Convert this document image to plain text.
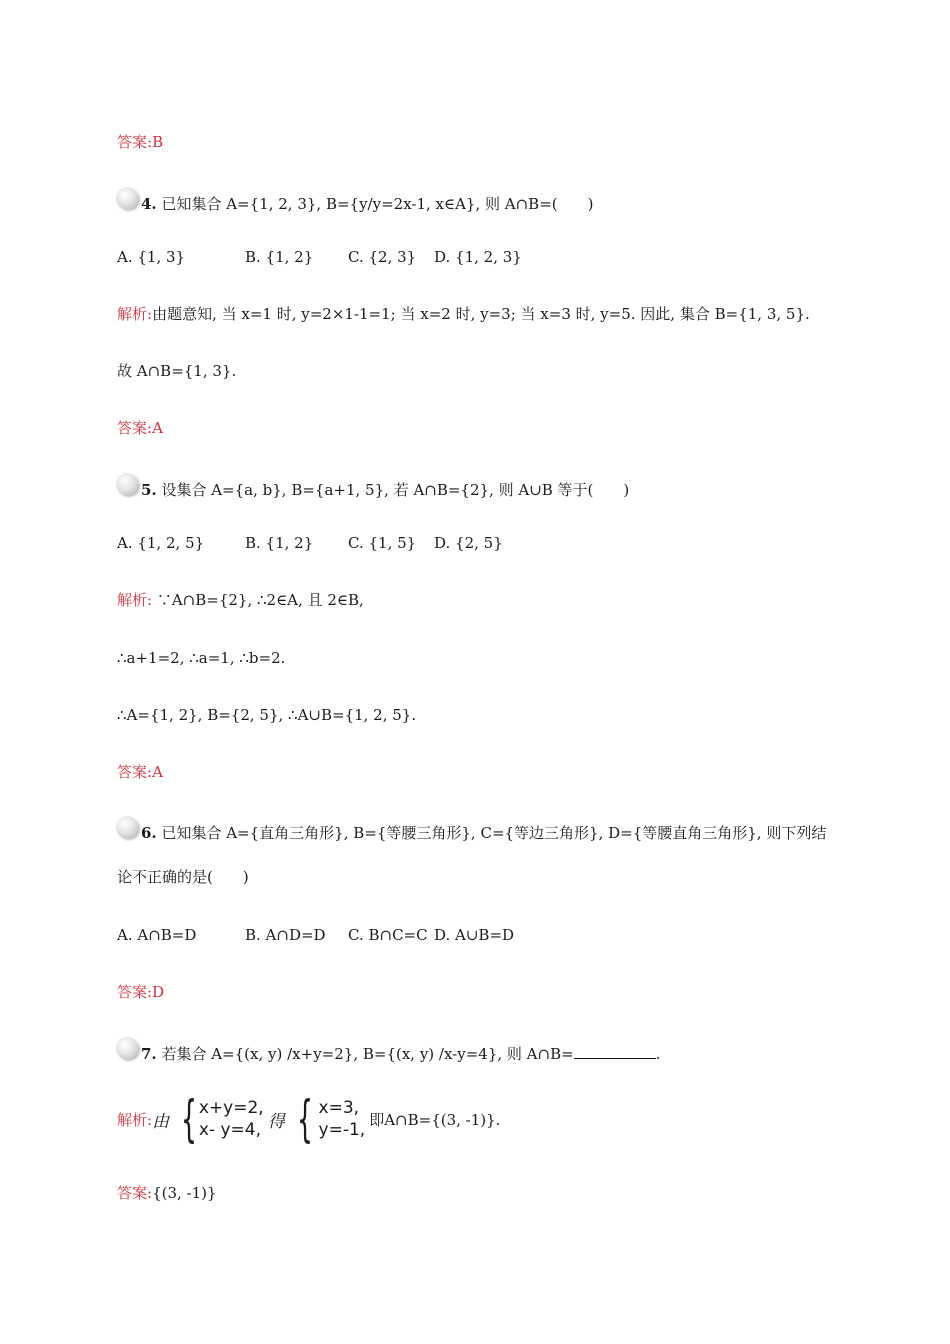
答案:B
4. 已知集合 A={1, 2, 3}, B={y/y=2x-1, x∈A}, 则 A∩B=(　　)
A. {1, 3}	B. {1, 2} C. {2, 3} D. {1, 2, 3}
解析:由题意知, 当 x=1 时, y=2×1-1=1; 当 x=2 时, y=3; 当 x=3 时, y=5. 因此, 集合 B={1, 3, 5}.
故 A∩B={1, 3}.
答案:A
5. 设集合 A={a, b}, B={a+1, 5}, 若 A∩B={2}, 则 A∪B 等于(　　)
A. {1, 2, 5}	B. {1, 2} C. {1, 5} D. {2, 5}
解析: ∵A∩B={2}, ∴2∈A, 且 2∈B,
∴a+1=2, ∴a=1, ∴b=2.
∴A={1, 2}, B={2, 5}, ∴A∪B={1, 2, 5}.
答案:A
6. 已知集合 A={直角三角形}, B={等腰三角形}, C={等边三角形}, D={等腰直角三角形}, 则下列结
论不正确的是(　　)
A. A∩B=D	B. A∩D=D C. B∩C=C D. A∪B=D
答案:D
7. 若集合 A={(x, y) /x+y=2}, B={(x, y) /x-y=4}, 则 A∩B=	.
解析: 由 { x+y=2,
x- y=4, 得 { x=3,
y=-1,
即A∩B={(3, -1)}.
答案:{(3, -1)}
